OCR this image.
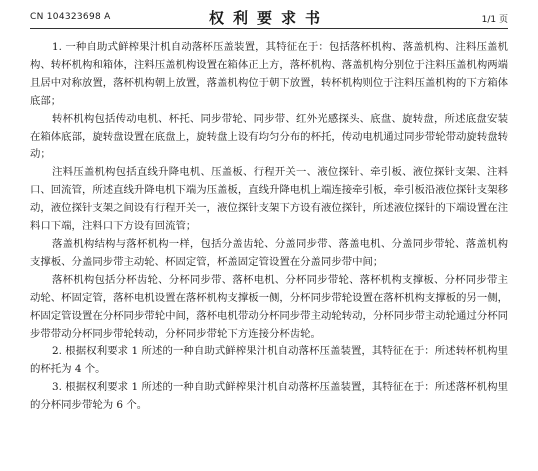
CN 104323698 A	权利要求书	1/1 页

1. 一种自助式鲜榨果汁机自动落杯压盖装置，其特征在于：包括落杯机构、落盖机构、注料压盖机构、转杯机构和箱体，注料压盖机构设置在箱体正上方，落杯机构、落盖机构分别位于注料压盖机构两端且居中对称放置，落杯机构朝上放置，落盖机构位于朝下放置，转杯机构则位于注料压盖机构的下方箱体底部；

转杯机构包括传动电机、杯托、同步带轮、同步带、红外光感探头、底盘、旋转盘，所述底盘安装在箱体底部，旋转盘设置在底盘上，旋转盘上设有均匀分布的杯托，传动电机通过同步带轮带动旋转盘转动；

注料压盖机构包括直线升降电机、压盖板、行程开关一、液位探针、牵引板、液位探针支架、注料口、回流管，所述直线升降电机下端为压盖板，直线升降电机上端连接牵引板，牵引板沿液位探针支架移动，液位探针支架之间设有行程开关一，液位探针支架下方设有液位探针，所述液位探针的下端设置在注料口下端，注料口下方设有回流管；

落盖机构结构与落杯机构一样，包括分盖齿轮、分盖同步带、落盖电机、分盖同步带轮、落盖机构支撑板、分盖同步带主动轮、杯固定管，杯盖固定管设置在分盖同步带中间；

落杯机构包括分杯齿轮、分杯同步带、落杯电机、分杯同步带轮、落杯机构支撑板、分杯同步带主动轮、杯固定管，落杯电机设置在落杯机构支撑板一侧，分杯同步带轮设置在落杯机构支撑板的另一侧，杯固定管设置在分杯同步带轮中间，落杯电机带动分杯同步带主动轮转动，分杯同步带主动轮通过分杯同步带带动分杯同步带轮转动，分杯同步带轮下方连接分杯齿轮。

2. 根据权利要求 1 所述的一种自助式鲜榨果汁机自动落杯压盖装置，其特征在于：所述转杯机构里的杯托为 4 个。

3. 根据权利要求 1 所述的一种自助式鲜榨果汁机自动落杯压盖装置，其特征在于：所述落杯机构里的分杯同步带轮为 6 个。
